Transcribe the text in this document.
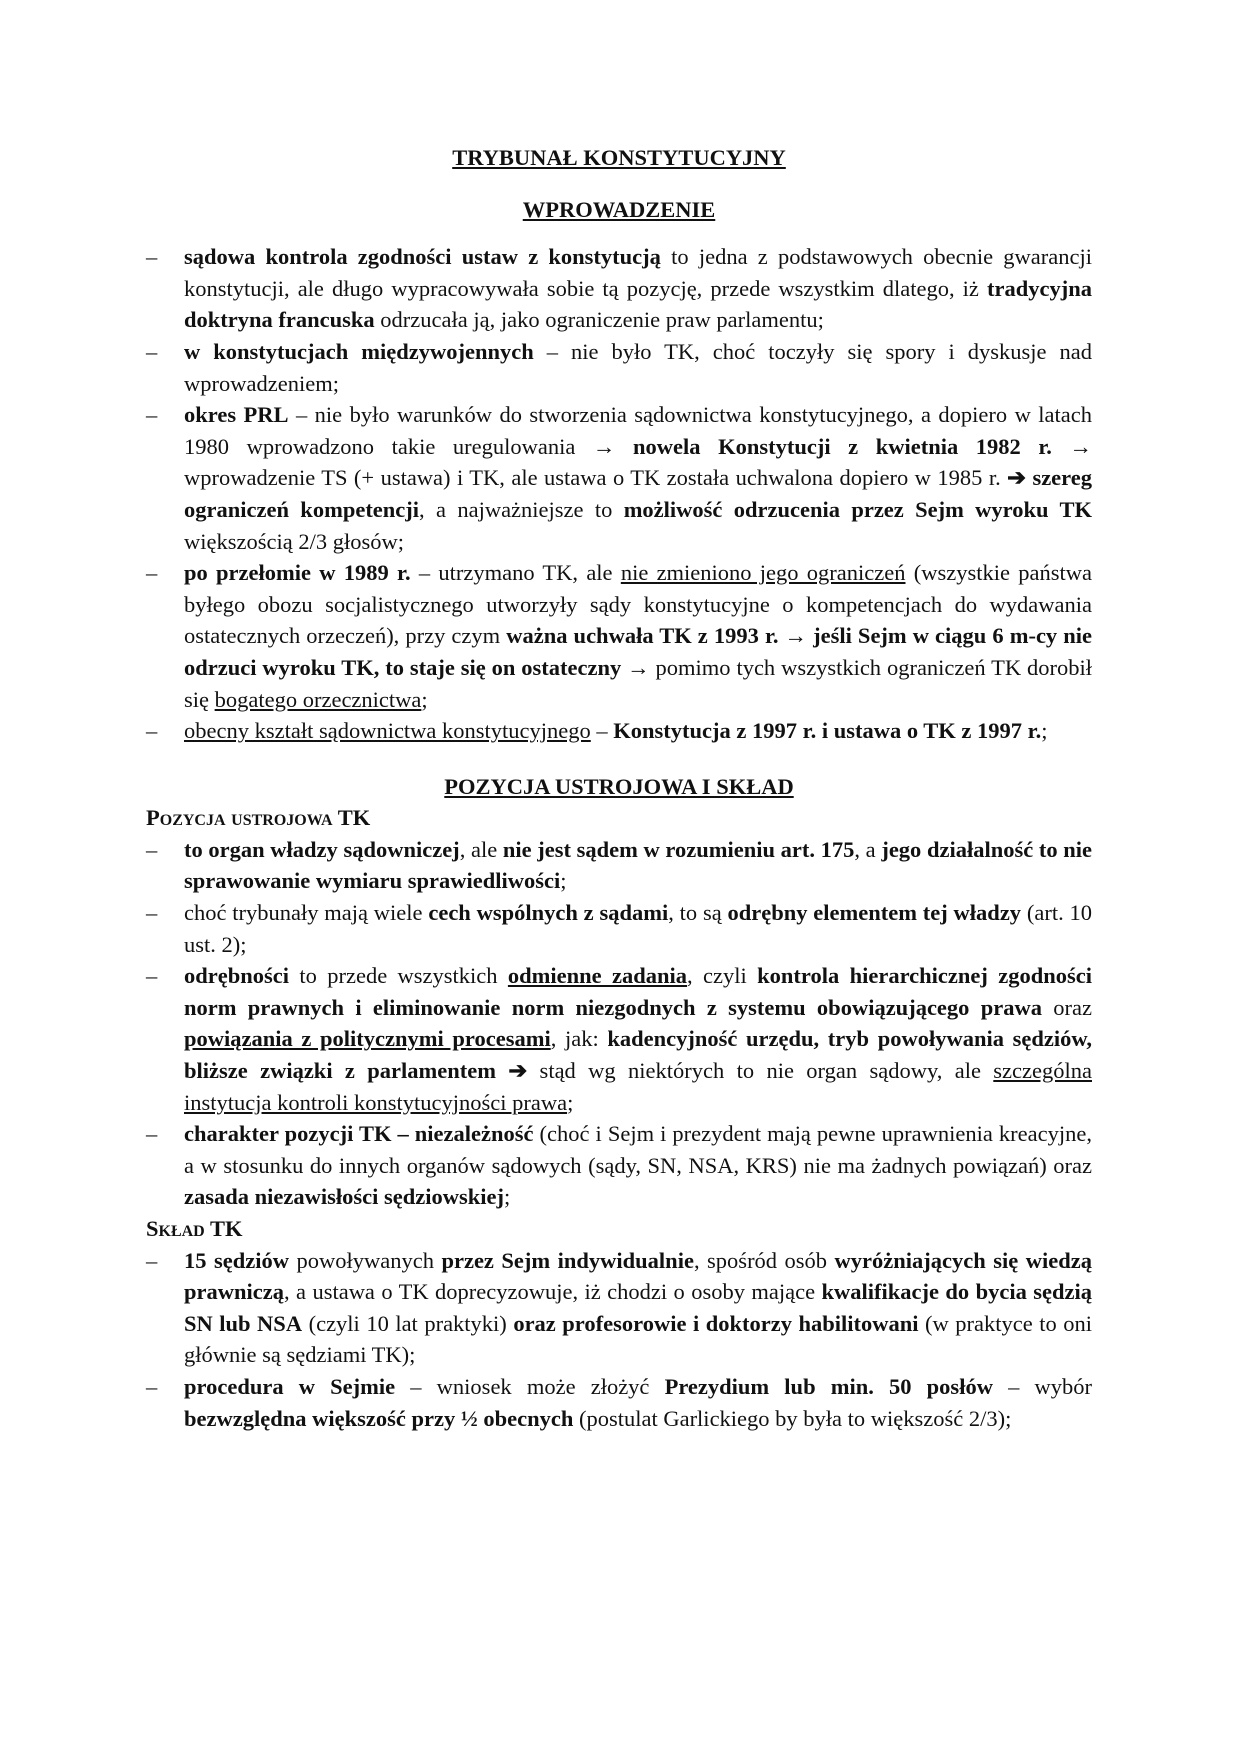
TRYBUNAŁ KONSTYTUCYJNY

WPROWADZENIE

– sądowa kontrola zgodności ustaw z konstytucją to jedna z podstawowych obecnie gwarancji konstytucji, ale długo wypracowywała sobie tą pozycję, przede wszystkim dlatego, iż tradycyjna doktryna francuska odrzucała ją, jako ograniczenie praw parlamentu;
– w konstytucjach międzywojennych – nie było TK, choć toczyły się spory i dyskusje nad wprowadzeniem;
– okres PRL – nie było warunków do stworzenia sądownictwa konstytucyjnego, a dopiero w latach 1980 wprowadzono takie uregulowania → nowela Konstytucji z kwietnia 1982 r. → wprowadzenie TS (+ ustawa) i TK, ale ustawa o TK została uchwalona dopiero w 1985 r. ➔ szereg ograniczeń kompetencji, a najważniejsze to możliwość odrzucenia przez Sejm wyroku TK większością 2/3 głosów;
– po przełomie w 1989 r. – utrzymano TK, ale nie zmieniono jego ograniczeń (wszystkie państwa byłego obozu socjalistycznego utworzyły sądy konstytucyjne o kompetencjach do wydawania ostatecznych orzeczeń), przy czym ważna uchwała TK z 1993 r. → jeśli Sejm w ciągu 6 m-cy nie odrzuci wyroku TK, to staje się on ostateczny → pomimo tych wszystkich ograniczeń TK dorobił się bogatego orzecznictwa;
– obecny kształt sądownictwa konstytucyjnego – Konstytucja z 1997 r. i ustawa o TK z 1997 r.;

POZYCJA USTROJOWA I SKŁAD

Pozycja ustrojowa TK

– to organ władzy sądowniczej, ale nie jest sądem w rozumieniu art. 175, a jego działalność to nie sprawowanie wymiaru sprawiedliwości;
– choć trybunały mają wiele cech wspólnych z sądami, to są odrębny elementem tej władzy (art. 10 ust. 2);
– odrębności to przede wszystkich odmienne zadania, czyli kontrola hierarchicznej zgodności norm prawnych i eliminowanie norm niezgodnych z systemu obowiązującego prawa oraz powiązania z politycznymi procesami, jak: kadencyjność urzędu, tryb powoływania sędziów, bliższe związki z parlamentem ➔ stąd wg niektórych to nie organ sądowy, ale szczególna instytucja kontroli konstytucyjności prawa;
– charakter pozycji TK – niezależność (choć i Sejm i prezydent mają pewne uprawnienia kreacyjne, a w stosunku do innych organów sądowych (sądy, SN, NSA, KRS) nie ma żadnych powiązań) oraz zasada niezawisłości sędziowskiej;

Skład TK

– 15 sędziów powoływanych przez Sejm indywidualnie, spośród osób wyróżniających się wiedzą prawniczą, a ustawa o TK doprecyzowuje, iż chodzi o osoby mające kwalifikacje do bycia sędzią SN lub NSA (czyli 10 lat praktyki) oraz profesorowie i doktorzy habilitowani (w praktyce to oni głównie są sędziami TK);
– procedura w Sejmie – wniosek może złożyć Prezydium lub min. 50 posłów – wybór bezwzględna większość przy ½ obecnych (postulat Garlickiego by była to większość 2/3);
